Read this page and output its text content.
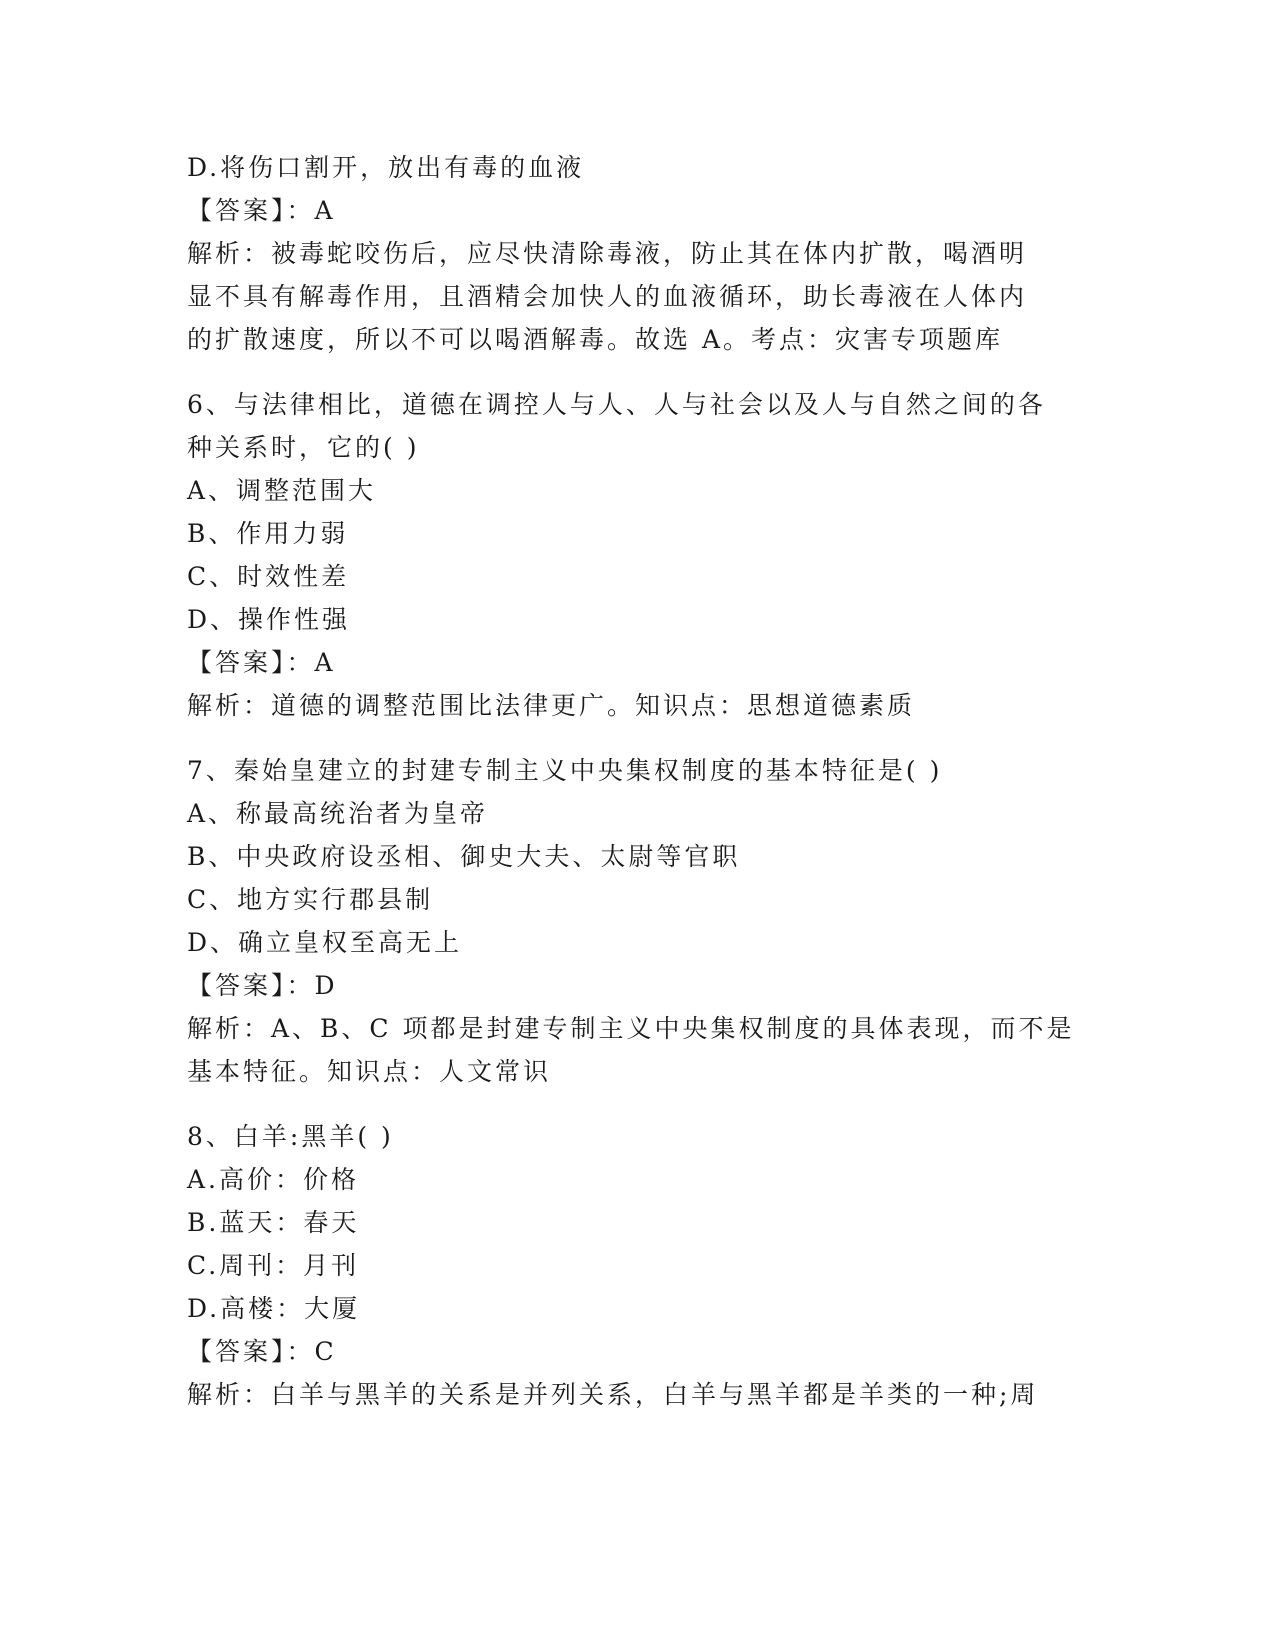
D.将伤口割开，放出有毒的血液
【答案】：A
解析：被毒蛇咬伤后，应尽快清除毒液，防止其在体内扩散，喝酒明
显不具有解毒作用，且酒精会加快人的血液循环，助长毒液在人体内
的扩散速度，所以不可以喝酒解毒。故选 A。考点：灾害专项题库
6、与法律相比，道德在调控人与人、人与社会以及人与自然之间的各
种关系时，它的( )
A、调整范围大
B、作用力弱
C、时效性差
D、操作性强
【答案】：A
解析：道德的调整范围比法律更广。知识点：思想道德素质
7、秦始皇建立的封建专制主义中央集权制度的基本特征是( )
A、称最高统治者为皇帝
B、中央政府设丞相、御史大夫、太尉等官职
C、地方实行郡县制
D、确立皇权至高无上
【答案】：D
解析：A、B、C 项都是封建专制主义中央集权制度的具体表现，而不是
基本特征。知识点：人文常识
8、白羊:黑羊( )
A.高价：价格
B.蓝天：春天
C.周刊：月刊
D.高楼：大厦
【答案】：C
解析：白羊与黑羊的关系是并列关系，白羊与黑羊都是羊类的一种;周
